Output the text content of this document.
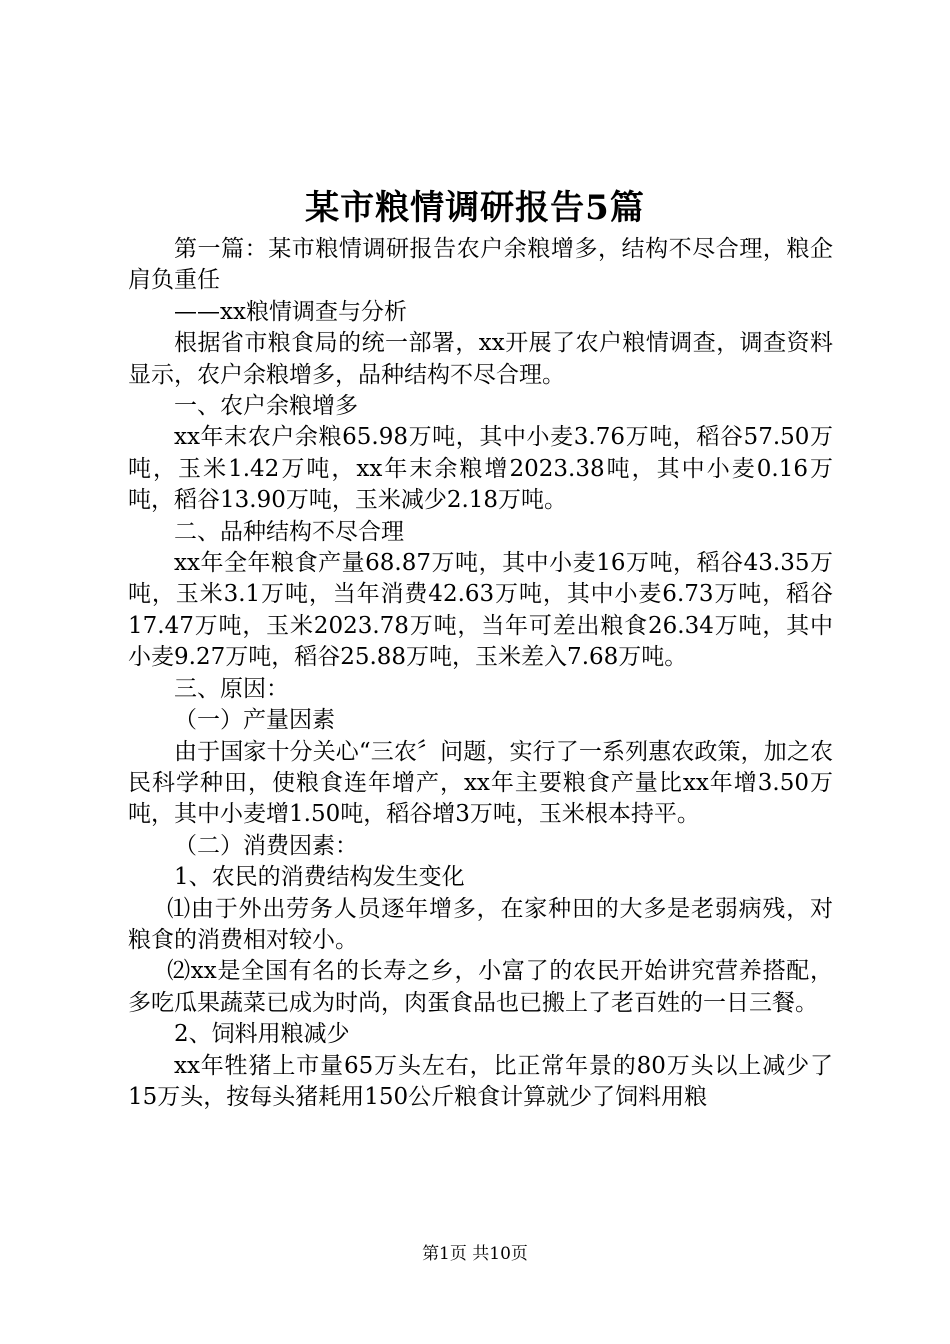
某市粮情调研报告5篇

第一篇：某市粮情调研报告农户余粮增多，结构不尽合理，粮企肩负重任

——xx粮情调查与分析

根据省市粮食局的统一部署，xx开展了农户粮情调查，调查资料显示，农户余粮增多，品种结构不尽合理。

一、农户余粮增多

xx年末农户余粮65.98万吨，其中小麦3.76万吨，稻谷57.50万吨，玉米1.42万吨，xx年末余粮增2023.38吨，其中小麦0.16万吨，稻谷13.90万吨，玉米减少2.18万吨。

二、品种结构不尽合理

xx年全年粮食产量68.87万吨，其中小麦16万吨，稻谷43.35万吨，玉米3.1万吨，当年消费42.63万吨，其中小麦6.73万吨，稻谷17.47万吨，玉米2023.78万吨，当年可差出粮食26.34万吨，其中小麦9.27万吨，稻谷25.88万吨，玉米差入7.68万吨。

三、原因：

（一）产量因素

由于国家十分关心“三农〞问题，实行了一系列惠农政策，加之农民科学种田，使粮食连年增产，xx年主要粮食产量比xx年增3.50万吨，其中小麦增1.50吨，稻谷增3万吨，玉米根本持平。

（二）消费因素：

1、农民的消费结构发生变化

⑴由于外出劳务人员逐年增多，在家种田的大多是老弱病残，对粮食的消费相对较小。

⑵xx是全国有名的长寿之乡，小富了的农民开始讲究营养搭配，多吃瓜果蔬菜已成为时尚，肉蛋食品也已搬上了老百姓的一日三餐。

2、饲料用粮减少

xx年牲猪上市量65万头左右，比正常年景的80万头以上减少了15万头，按每头猪耗用150公斤粮食计算就少了饲料用粮

第1页 共10页
